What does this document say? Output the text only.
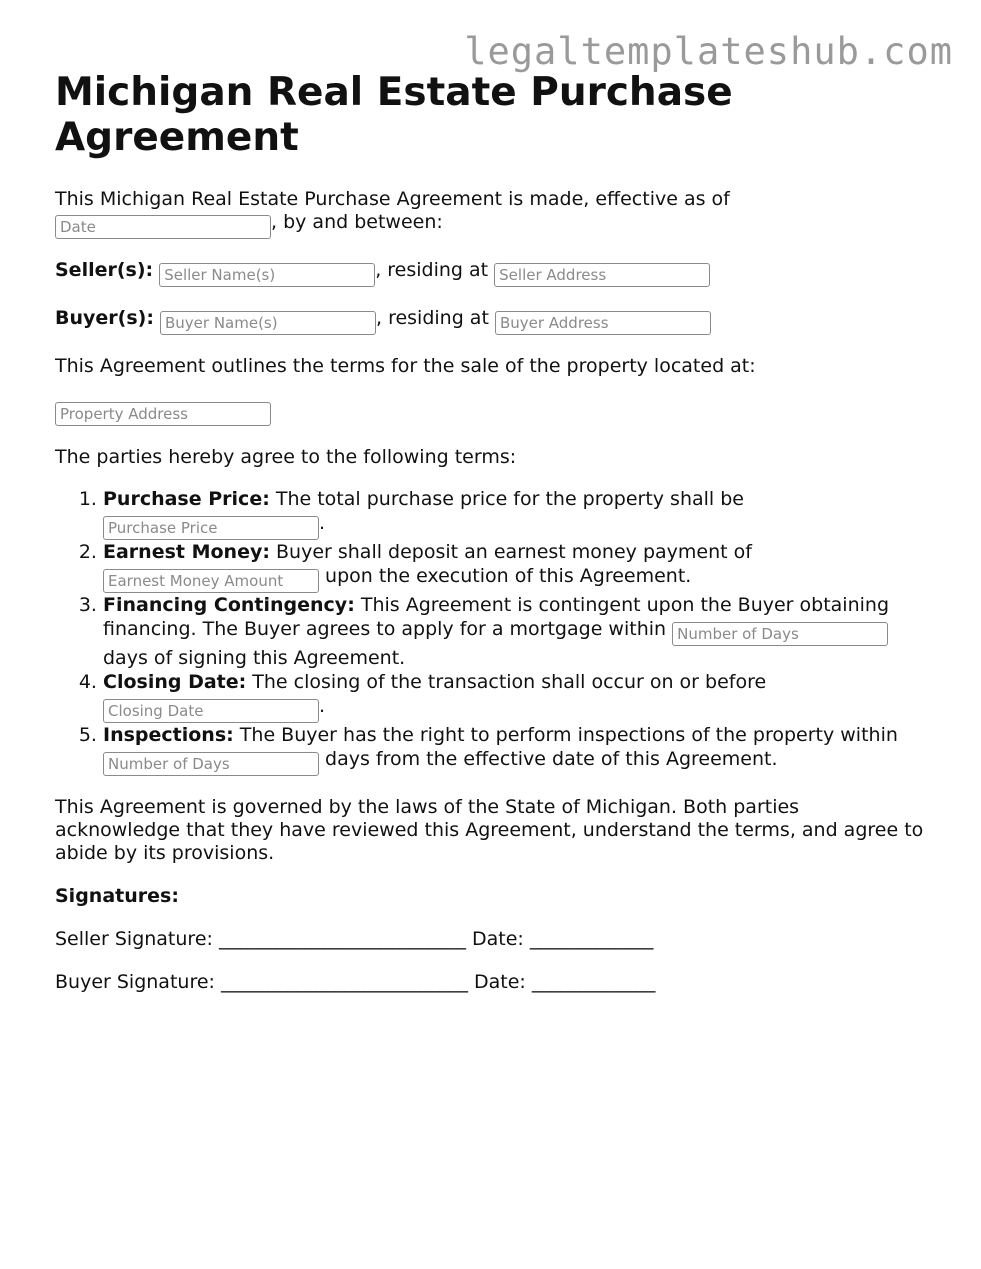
legaltemplateshub.com
Michigan Real Estate Purchase Agreement

This Michigan Real Estate Purchase Agreement is made, effective as of
Date, by and between:

Seller(s): Seller Name(s)	, residing at Seller Address

Buyer(s): Buyer Name(s)	, residing at Buyer Address

This Agreement outlines the terms for the sale of the property located at:

Property Address

The parties hereby agree to the following terms:

1. Purchase Price: The total purchase price for the property shall be
Purchase Price.
2. Earnest Money: Buyer shall deposit an earnest money payment of
Earnest Money Amount upon the execution of this Agreement.
3. Financing Contingency: This Agreement is contingent upon the Buyer obtaining financing. The Buyer agrees to apply for a mortgage within Number of Days
days of signing this Agreement.
4. Closing Date: The closing of the transaction shall occur on or before
Closing Date.
5. Inspections: The Buyer has the right to perform inspections of the property within
Number of Days days from the effective date of this Agreement.

This Agreement is governed by the laws of the State of Michigan. Both parties acknowledge that they have reviewed this Agreement, understand the terms, and agree to abide by its provisions.

Signatures:

Seller Signature: __________________________ Date: _____________

Buyer Signature: __________________________ Date: _____________
